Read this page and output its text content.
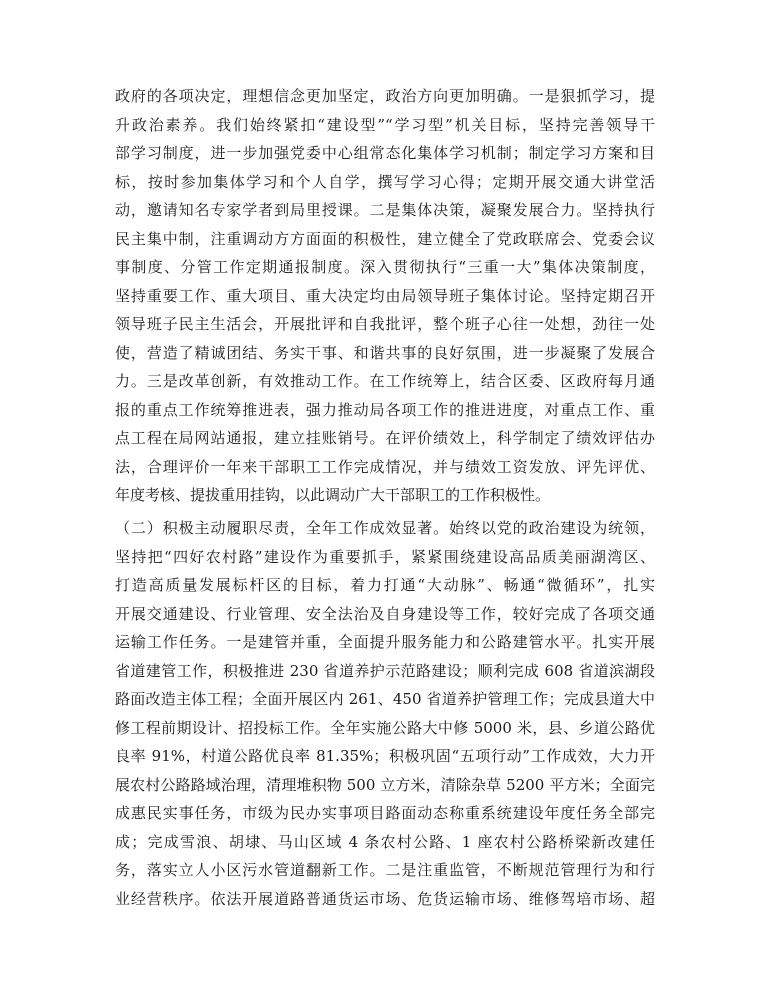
政府的各项决定，理想信念更加坚定，政治方向更加明确。一是狠抓学习，提
升政治素养。我们始终紧扣“建设型”“学习型”机关目标，坚持完善领导干
部学习制度，进一步加强党委中心组常态化集体学习机制；制定学习方案和目
标，按时参加集体学习和个人自学，撰写学习心得；定期开展交通大讲堂活
动，邀请知名专家学者到局里授课。二是集体决策，凝聚发展合力。坚持执行
民主集中制，注重调动方方面面的积极性，建立健全了党政联席会、党委会议
事制度、分管工作定期通报制度。深入贯彻执行“三重一大”集体决策制度，
坚持重要工作、重大项目、重大决定均由局领导班子集体讨论。坚持定期召开
领导班子民主生活会，开展批评和自我批评，整个班子心往一处想，劲往一处
使，营造了精诚团结、务实干事、和谐共事的良好氛围，进一步凝聚了发展合
力。三是改革创新，有效推动工作。在工作统筹上，结合区委、区政府每月通
报的重点工作统筹推进表，强力推动局各项工作的推进进度，对重点工作、重
点工程在局网站通报，建立挂账销号。在评价绩效上，科学制定了绩效评估办
法，合理评价一年来干部职工工作完成情况，并与绩效工资发放、评先评优、
年度考核、提拔重用挂钩，以此调动广大干部职工的工作积极性。
（二）积极主动履职尽责，全年工作成效显著。始终以党的政治建设为统领，
坚持把“四好农村路”建设作为重要抓手，紧紧围绕建设高品质美丽湖湾区、
打造高质量发展标杆区的目标，着力打通“大动脉”、畅通“微循环”，扎实
开展交通建设、行业管理、安全法治及自身建设等工作，较好完成了各项交通
运输工作任务。一是建管并重，全面提升服务能力和公路建管水平。扎实开展
省道建管工作，积极推进 230 省道养护示范路建设；顺利完成 608 省道滨湖段
路面改造主体工程；全面开展区内 261、450 省道养护管理工作；完成县道大中
修工程前期设计、招投标工作。全年实施公路大中修 5000 米，县、乡道公路优
良率 91%，村道公路优良率 81.35%；积极巩固“五项行动”工作成效，大力开
展农村公路路域治理，清理堆积物 500 立方米，清除杂草 5200 平方米；全面完
成惠民实事任务，市级为民办实事项目路面动态称重系统建设年度任务全部完
成；完成雪浪、胡埭、马山区域 4 条农村公路、1 座农村公路桥梁新改建任
务，落实立人小区污水管道翻新工作。二是注重监管，不断规范管理行为和行
业经营秩序。依法开展道路普通货运市场、危货运输市场、维修驾培市场、超
